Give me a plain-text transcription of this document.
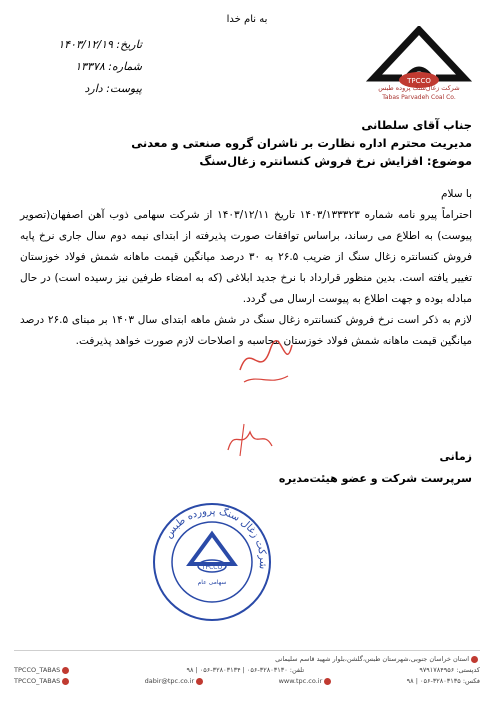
به نام خدا
تاریخ: ۱۴۰۳/۱۲/۱۹
شماره: ۱۳۳۷۸
پیوست: دارد
TPCCO
شرکت زغال‌سنگ پروده طبس
Tabas Parvadeh Coal Co.
جناب آقای سلطانی
مدیریت محترم اداره نظارت بر ناشران گروه صنعتی و معدنی
موضوع: افزایش نرخ فروش کنسانتره زغال‌سنگ

با سلام

احتراماً پیرو نامه شماره ۱۴۰۳/۱۳۳۳۲۳ تاریخ ۱۴۰۳/۱۲/۱۱ از شرکت سهامی ذوب آهن اصفهان(تصویر پیوست) به اطلاع می رساند، براساس توافقات صورت پذیرفته از ابتدای نیمه دوم سال جاری نرخ پایه فروش کنسانتره زغال سنگ از ضریب ۲۶.۵ به ۳۰ درصد میانگین قیمت ماهانه شمش فولاد خوزستان تغییر یافته است. بدین منظور قرارداد با نرخ جدید ابلاغی (که به امضاء طرفین نیز رسیده است) در حال مبادله بوده و جهت اطلاع به پیوست ارسال می گردد.

لازم به ذکر است نرخ فروش کنسانتره زغال سنگ در شش ماهه ابتدای سال ۱۴۰۳ بر مبنای ۲۶.۵ درصد میانگین قیمت ماهانه شمش فولاد خوزستان محاسبه و اصلاحات لازم صورت خواهد پذیرفت.

زمانی
سرپرست شرکت و عضو هیئت‌مدیره
شرکت زغال سنگ پرورده طبس
TPCCO
سهامی عام
استان خراسان جنوبی،شهرستان طبس،گلشن،بلوار شهید قاسم سلیمانی
کدپستی: ۹۷۹۱۷۸۴۹۵۶
تلفن: ۳۲۸۰۳۱۳۰-۰۵۶ | ۳۲۸۰۳۱۳۴-۰۵۶ | ۹۸
TPCCO_TABAS
فکس: ۳۲۸۰۳۱۳۵-۰۵۶ | ۹۸
www.tpc.co.ir
dabir@tpc.co.ir
TPCCO_TABAS
